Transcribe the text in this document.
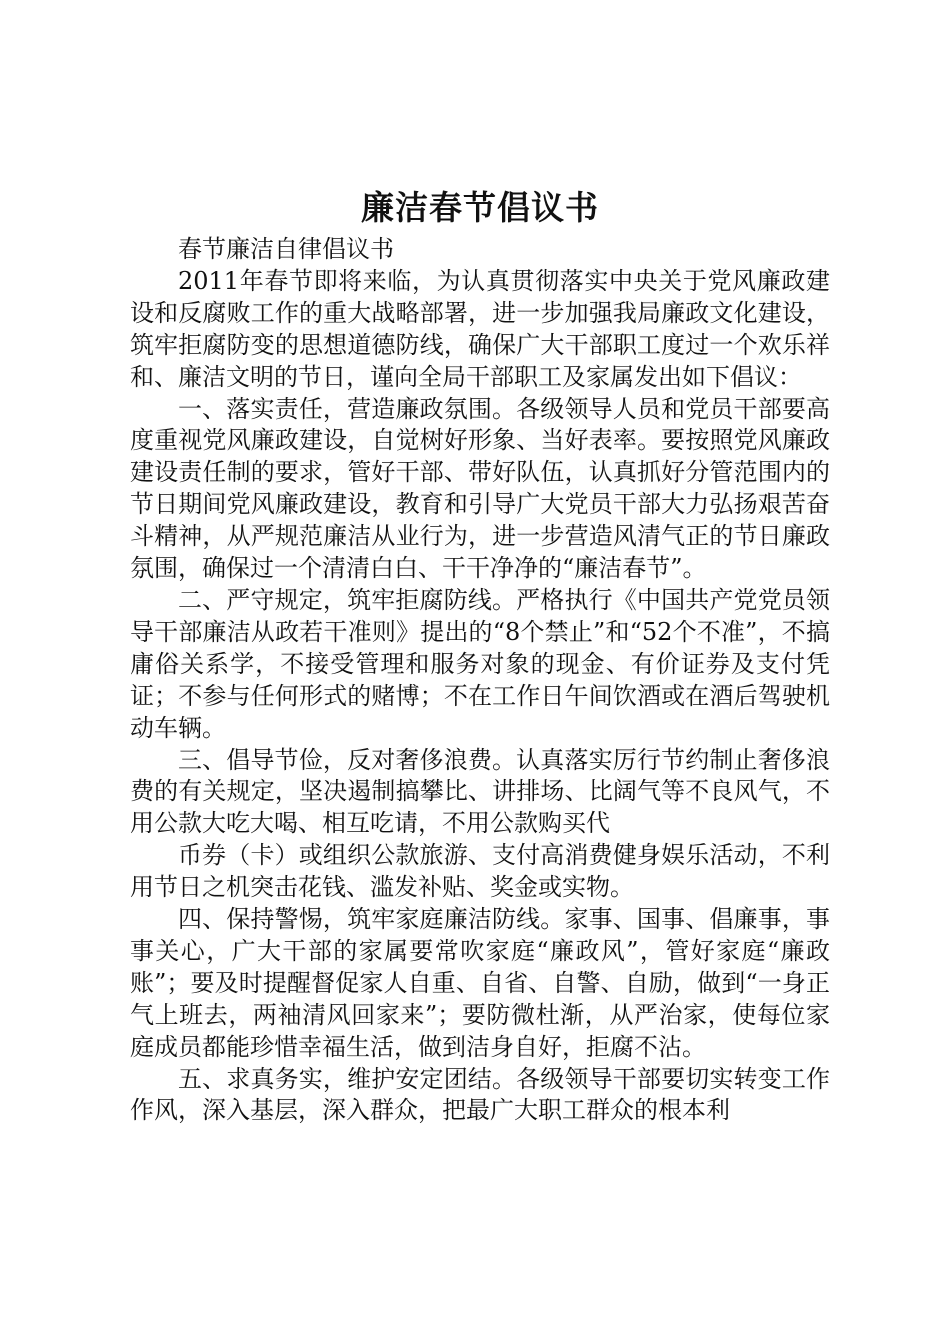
廉洁春节倡议书

春节廉洁自律倡议书

2011年春节即将来临，为认真贯彻落实中央关于党风廉政建设和反腐败工作的重大战略部署，进一步加强我局廉政文化建设，筑牢拒腐防变的思想道德防线，确保广大干部职工度过一个欢乐祥和、廉洁文明的节日，谨向全局干部职工及家属发出如下倡议：

一、落实责任，营造廉政氛围。各级领导人员和党员干部要高度重视党风廉政建设，自觉树好形象、当好表率。要按照党风廉政建设责任制的要求，管好干部、带好队伍，认真抓好分管范围内的节日期间党风廉政建设，教育和引导广大党员干部大力弘扬艰苦奋斗精神，从严规范廉洁从业行为，进一步营造风清气正的节日廉政氛围，确保过一个清清白白、干干净净的“廉洁春节”。

二、严守规定，筑牢拒腐防线。严格执行《中国共产党党员领导干部廉洁从政若干准则》提出的“8个禁止”和“52个不准”，不搞庸俗关系学，不接受管理和服务对象的现金、有价证券及支付凭证；不参与任何形式的赌博；不在工作日午间饮酒或在酒后驾驶机动车辆。

三、倡导节俭，反对奢侈浪费。认真落实厉行节约制止奢侈浪费的有关规定，坚决遏制搞攀比、讲排场、比阔气等不良风气，不用公款大吃大喝、相互吃请，不用公款购买代

币券（卡）或组织公款旅游、支付高消费健身娱乐活动，不利用节日之机突击花钱、滥发补贴、奖金或实物。

四、保持警惕，筑牢家庭廉洁防线。家事、国事、倡廉事，事事关心，广大干部的家属要常吹家庭“廉政风”，管好家庭“廉政账”；要及时提醒督促家人自重、自省、自警、自励，做到“一身正气上班去，两袖清风回家来”；要防微杜渐，从严治家，使每位家庭成员都能珍惜幸福生活，做到洁身自好，拒腐不沾。

五、求真务实，维护安定团结。各级领导干部要切实转变工作作风，深入基层，深入群众，把最广大职工群众的根本利
